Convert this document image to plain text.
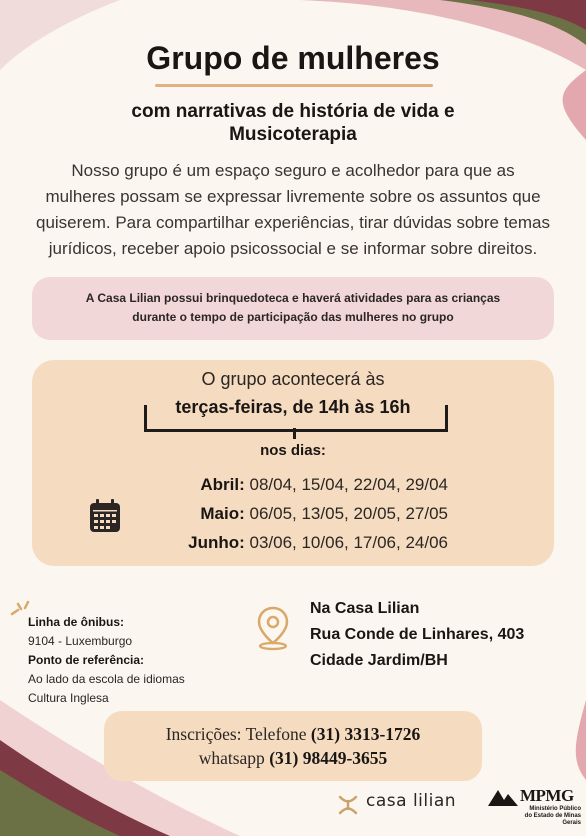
Grupo de mulheres
com narrativas de história de vida e
Musicoterapia
Nosso grupo é um espaço seguro e acolhedor para que as
mulheres possam se expressar livremente sobre os assuntos que
quiserem. Para compartilhar experiências, tirar dúvidas sobre temas
jurídicos, receber apoio psicossocial e se informar sobre direitos.
A Casa Lilian possui brinquedoteca e haverá atividades para as crianças
durante o tempo de participação das mulheres no grupo
O grupo acontecerá às
terças-feiras, de 14h às 16h
nos dias:
Abril: 08/04, 15/04, 22/04, 29/04
Maio: 06/05, 13/05, 20/05, 27/05
Junho: 03/06, 10/06, 17/06, 24/06
Linha de ônibus:
9104 - Luxemburgo
Ponto de referência:
Ao lado da escola de idiomas
Cultura Inglesa
Na Casa Lilian
Rua Conde de Linhares, 403
Cidade Jardim/BH
Inscrições: Telefone (31) 3313-1726
whatsapp (31) 98449-3655
casa lilian	MPMG
Ministério Público
do Estado de Minas Gerais
